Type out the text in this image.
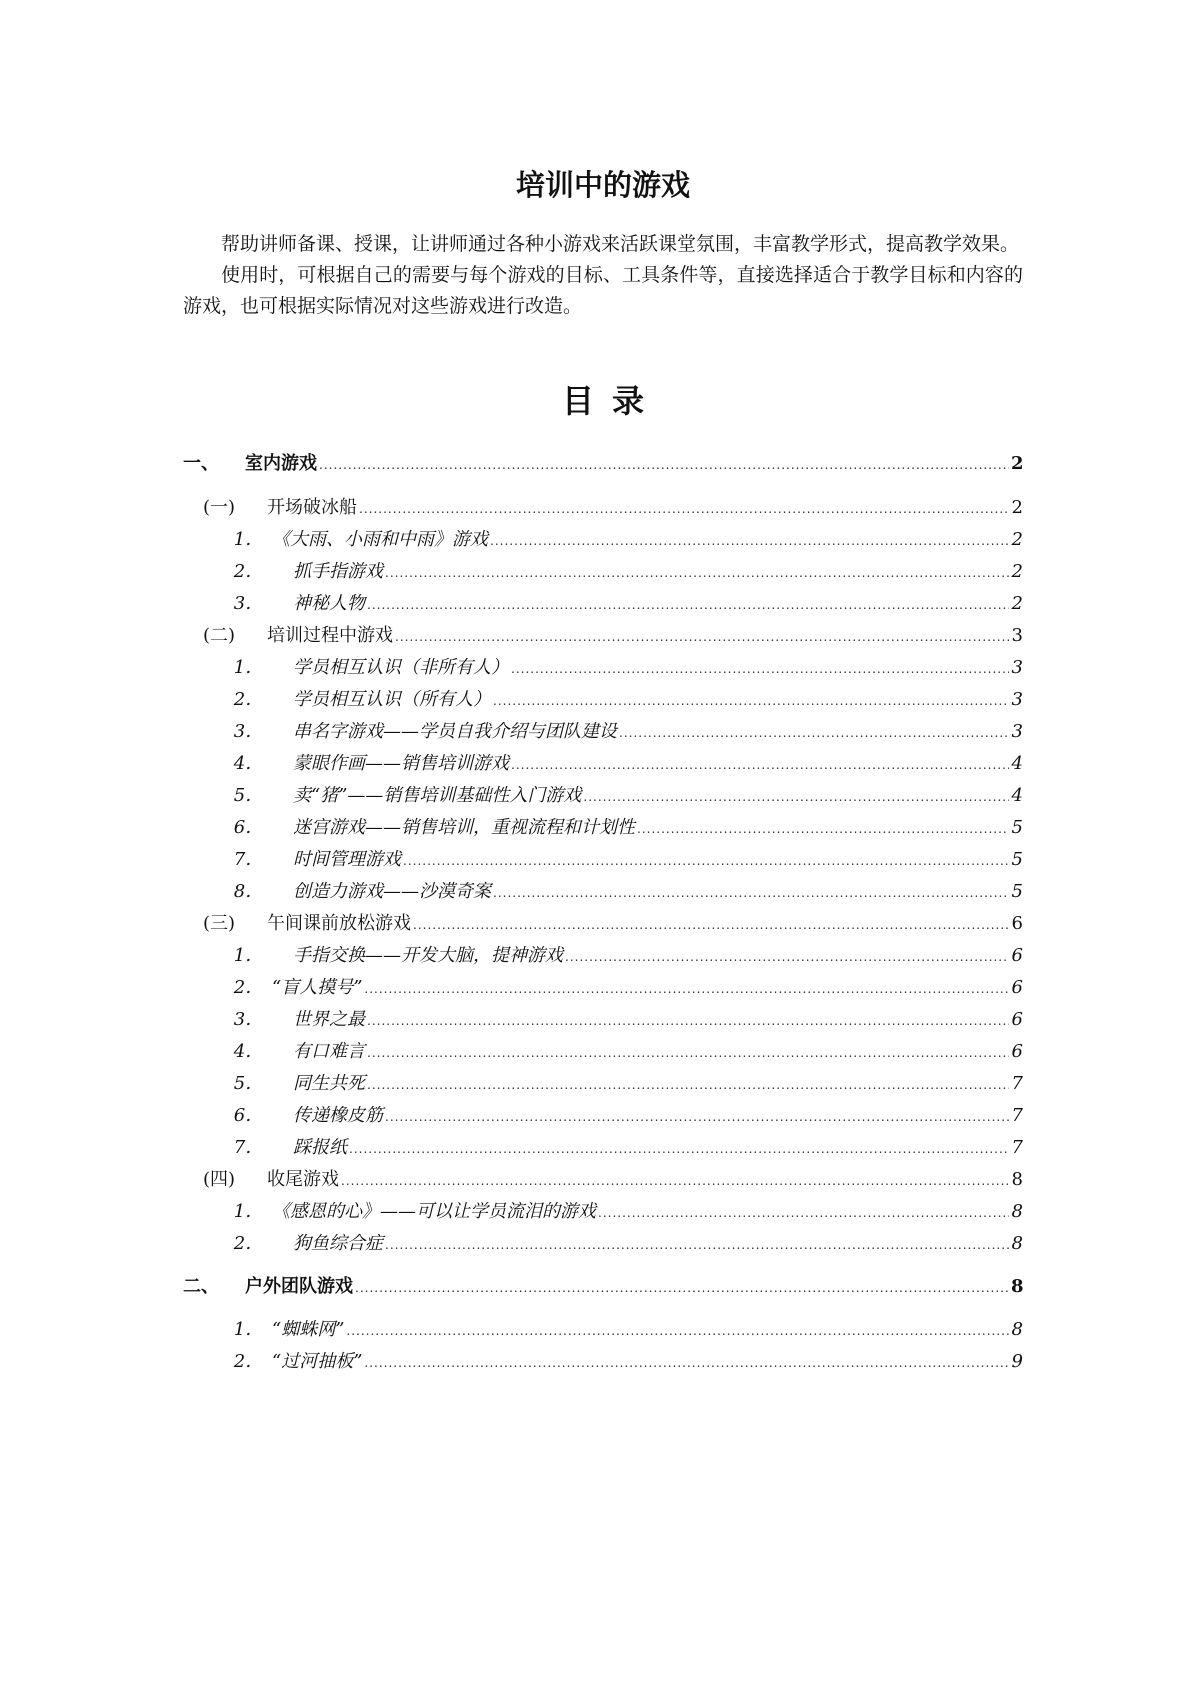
培训中的游戏

帮助讲师备课、授课，让讲师通过各种小游戏来活跃课堂氛围，丰富教学形式，提高教学效果。

使用时，可根据自己的需要与每个游戏的目标、工具条件等，直接选择适合于教学目标和内容的游戏，也可根据实际情况对这些游戏进行改造。

目录
一、	室内游戏 .....	2
(一)	开场破冰船 .....	2
1． 《大雨、小雨和中雨》游戏 .....	2
2．	抓手指游戏 .....	2
3．	神秘人物 .....	2
(二)	培训过程中游戏 .....	3
1．	学员相互认识（非所有人） .....	3
2．	学员相互认识（所有人） .....	3
3．	串名字游戏——学员自我介绍与团队建设 .....	3
4．	蒙眼作画——销售培训游戏 .....	4
5．	卖“猪”——销售培训基础性入门游戏 .....	4
6．	迷宫游戏——销售培训，重视流程和计划性 .....	5
7．	时间管理游戏 .....	5
8．	创造力游戏——沙漠奇案 .....	5
(三)	午间课前放松游戏 .....	6
1．	手指交换——开发大脑，提神游戏 .....	6
2． “盲人摸号” .....	6
3．	世界之最 .....	6
4．	有口难言 .....	6
5．	同生共死 .....	7
6．	传递橡皮筋 .....	7
7．	踩报纸 .....	7
(四)	收尾游戏 .....	8
1． 《感恩的心》——可以让学员流泪的游戏 .....	8
2．	狗鱼综合症 .....	8
二、	户外团队游戏 .....	8
1． “蜘蛛网” .....	8
2． “过河抽板” .....	9
